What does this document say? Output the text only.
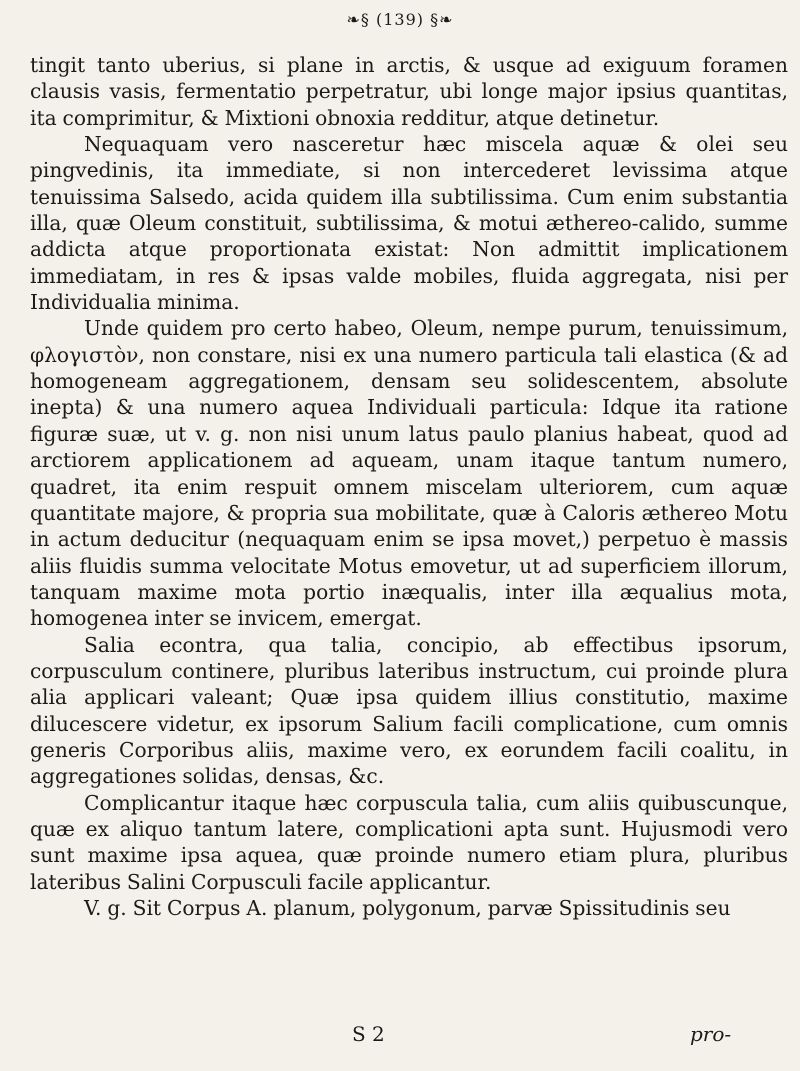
❧§ (139) §❧

tingit tanto uberius, si plane in arctis, & usque ad exiguum foramen clausis vasis, fermentatio perpetratur, ubi longe major ipsius quantitas, ita comprimitur, & Mixtioni obnoxia redditur, atque detinetur.

Nequaquam vero nasceretur hæc miscela aquæ & olei seu pingvedinis, ita immediate, si non intercederet levissima atque tenuissima Salsedo, acida quidem illa subtilissima. Cum enim substantia illa, quæ Oleum constituit, subtilissima, & motui æthereo-calido, summe addicta atque proportionata existat: Non admittit implicationem immediatam, in res & ipsas valde mobiles, fluida aggregata, nisi per Individualia minima.

Unde quidem pro certo habeo, Oleum, nempe purum, tenuissimum, φλογιστὸν, non constare, nisi ex una numero particula tali elastica (& ad homogeneam aggregationem, densam seu solidescentem, absolute inepta) & una numero aquea Individuali particula: Idque ita ratione figuræ suæ, ut v. g. non nisi unum latus paulo planius habeat, quod ad arctiorem applicationem ad aqueam, unam itaque tantum numero, quadret, ita enim respuit omnem miscelam ulteriorem, cum aquæ quantitate majore, & propria sua mobilitate, quæ à Caloris æthereo Motu in actum deducitur (nequaquam enim se ipsa movet,) perpetuo è massis aliis fluidis summa velocitate Motus emovetur, ut ad superficiem illorum, tanquam maxime mota portio inæqualis, inter illa æqualius mota, homogenea inter se invicem, emergat.

Salia econtra, qua talia, concipio, ab effectibus ipsorum, corpusculum continere, pluribus lateribus instructum, cui proinde plura alia applicari valeant; Quæ ipsa quidem illius constitutio, maxime dilucescere videtur, ex ipsorum Salium facili complicatione, cum omnis generis Corporibus aliis, maxime vero, ex eorundem facili coalitu, in aggregationes solidas, densas, &c.

Complicantur itaque hæc corpuscula talia, cum aliis quibuscunque, quæ ex aliquo tantum latere, complicationi apta sunt. Hujusmodi vero sunt maxime ipsa aquea, quæ proinde numero etiam plura, pluribus lateribus Salini Corpusculi facile applicantur.

V. g. Sit Corpus A. planum, polygonum, parvæ Spissitudinis seu

S 2	pro-
